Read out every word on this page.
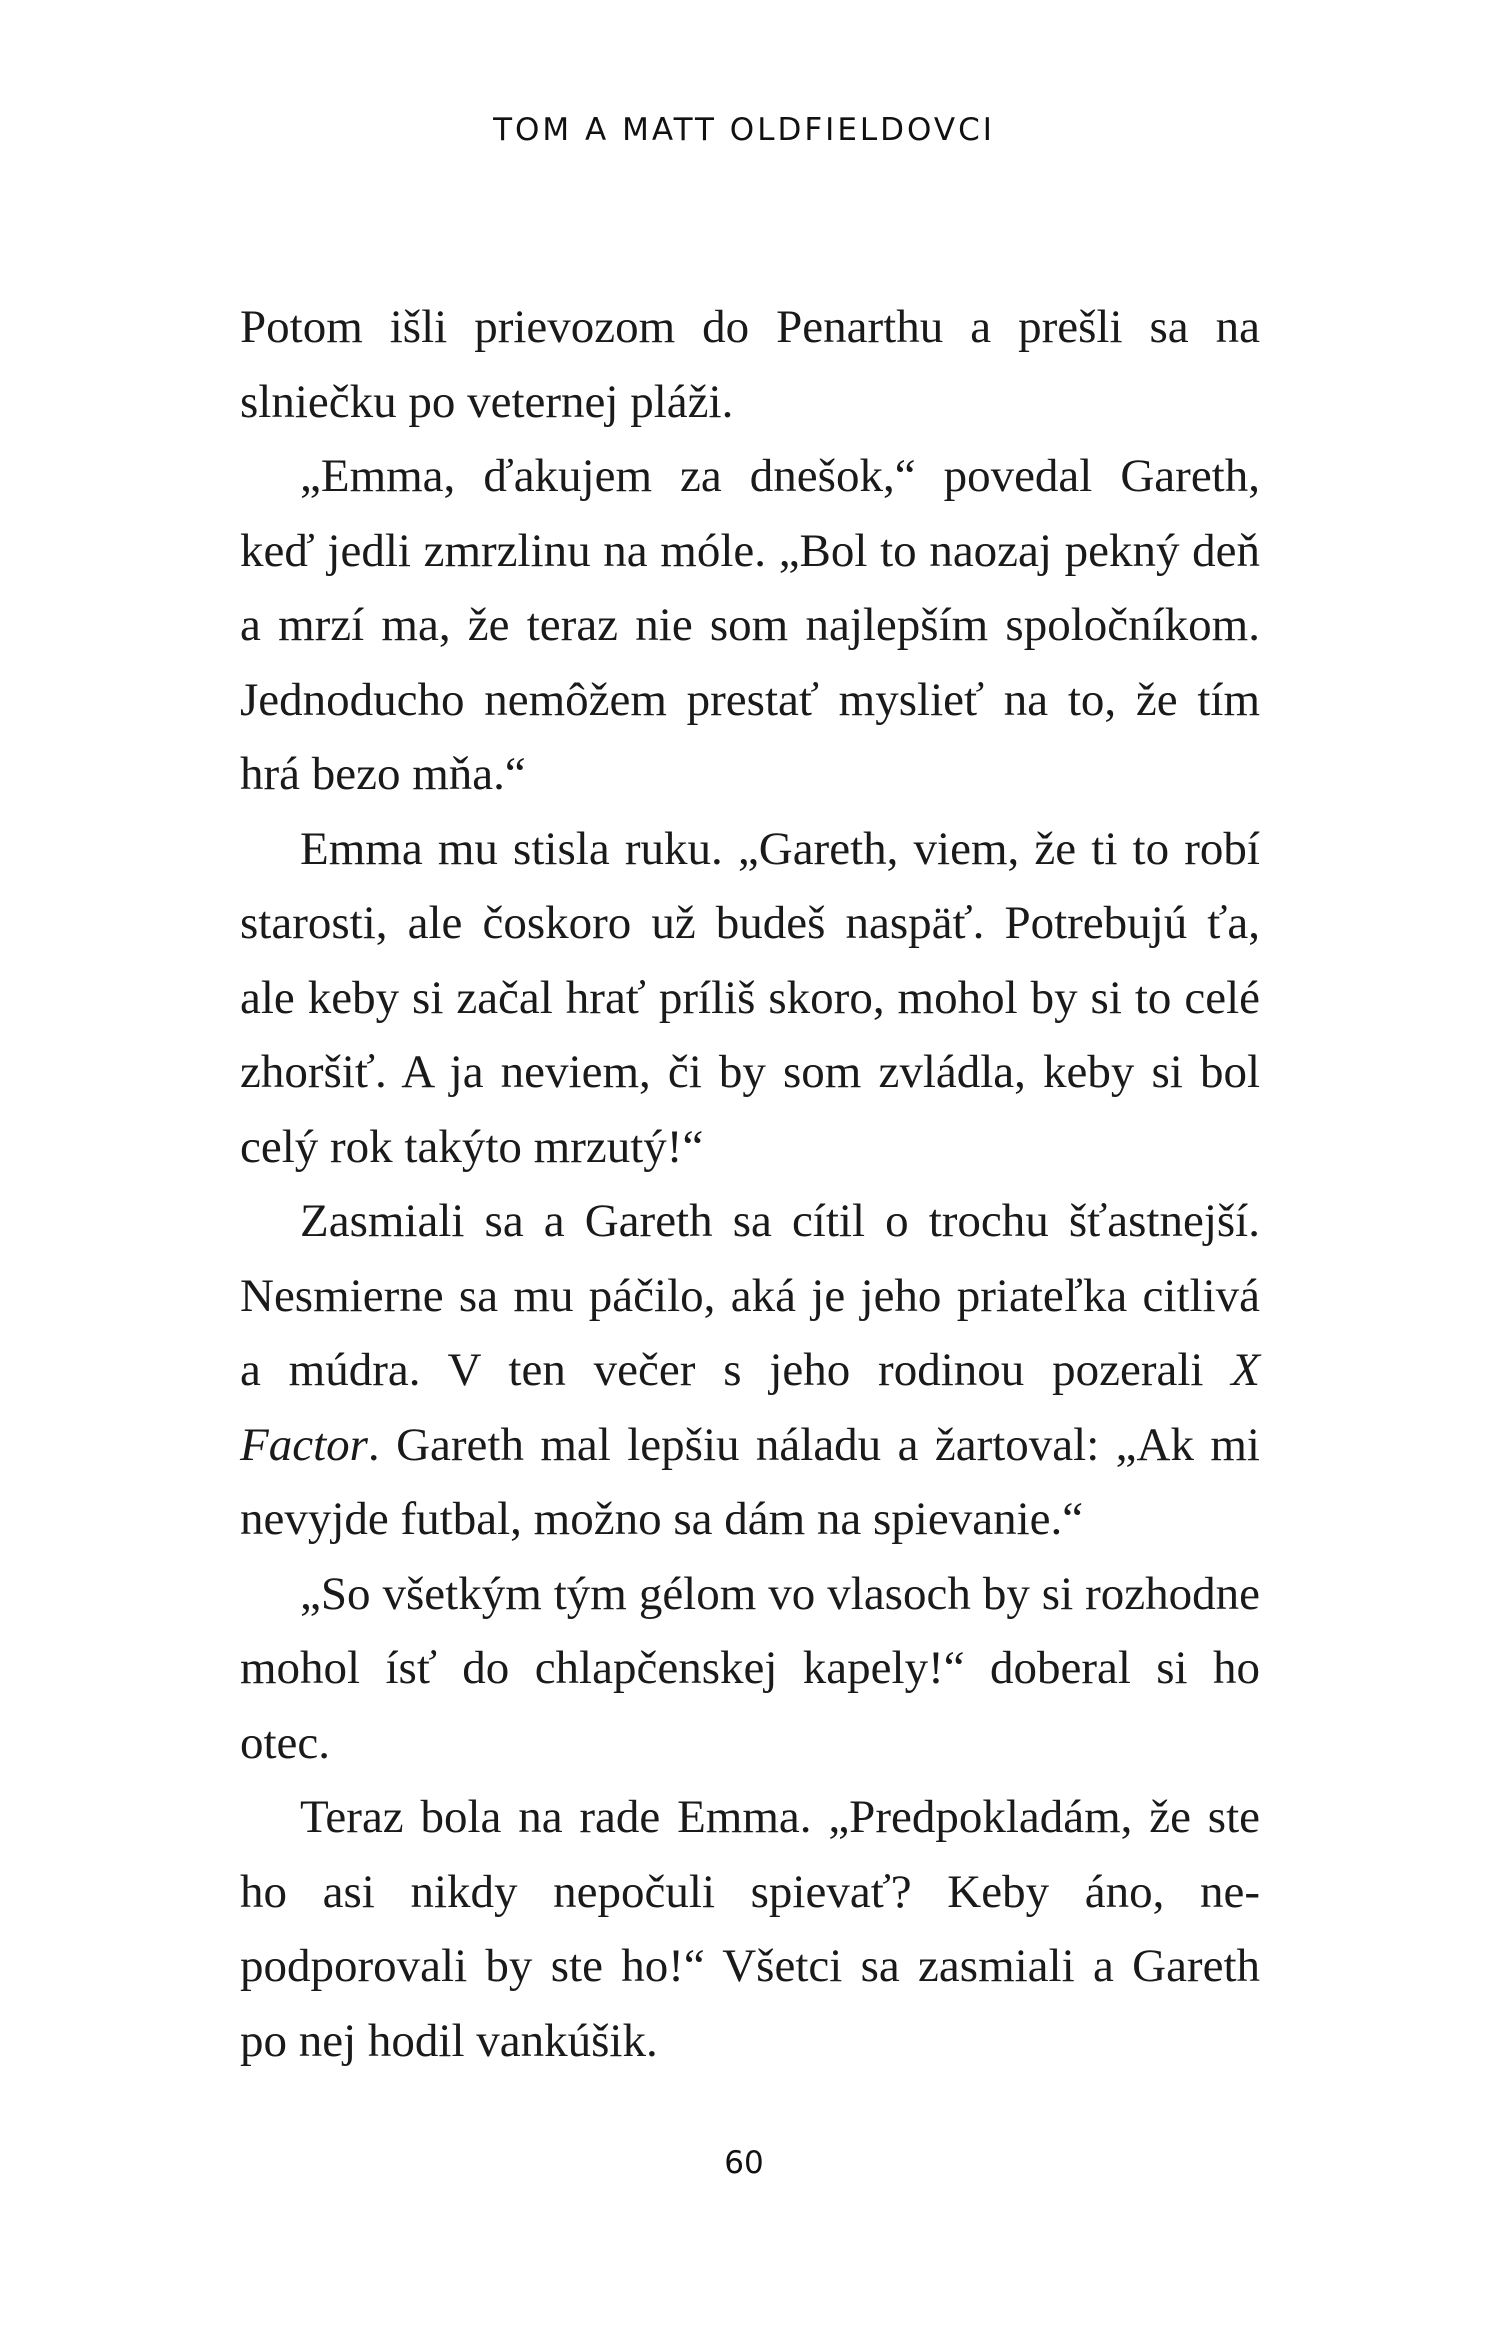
TOM A MATT OLDFIELDOVCI

Potom išli prievozom do Penarthu a prešli sa na slniečku po veternej pláži.

„Emma, ďakujem za dnešok,“ povedal Gareth, keď jedli zmrzlinu na móle. „Bol to naozaj pekný deň a mrzí ma, že teraz nie som najlepším spoločníkom. Jednoducho nemôžem prestať myslieť na to, že tím hrá bezo mňa.“

Emma mu stisla ruku. „Gareth, viem, že ti to robí starosti, ale čoskoro už budeš naspäť. Potrebujú ťa, ale keby si začal hrať príliš skoro, mohol by si to celé zhoršiť. A ja neviem, či by som zvládla, keby si bol celý rok takýto mrzutý!“

Zasmiali sa a Gareth sa cítil o trochu šťastnejší. Nesmierne sa mu páčilo, aká je jeho priateľka citlivá a múdra. V ten večer s jeho rodinou pozerali X Factor. Gareth mal lepšiu náladu a žartoval: „Ak mi nevyjde futbal, možno sa dám na spievanie.“

„So všetkým tým gélom vo vlasoch by si rozhodne mohol ísť do chlapčenskej kapely!“ doberal si ho otec.

Teraz bola na rade Emma. „Predpokladám, že ste ho asi nikdy nepočuli spievať? Keby áno, nepodporovali by ste ho!“ Všetci sa zasmiali a Gareth po nej hodil vankúšik.

60
